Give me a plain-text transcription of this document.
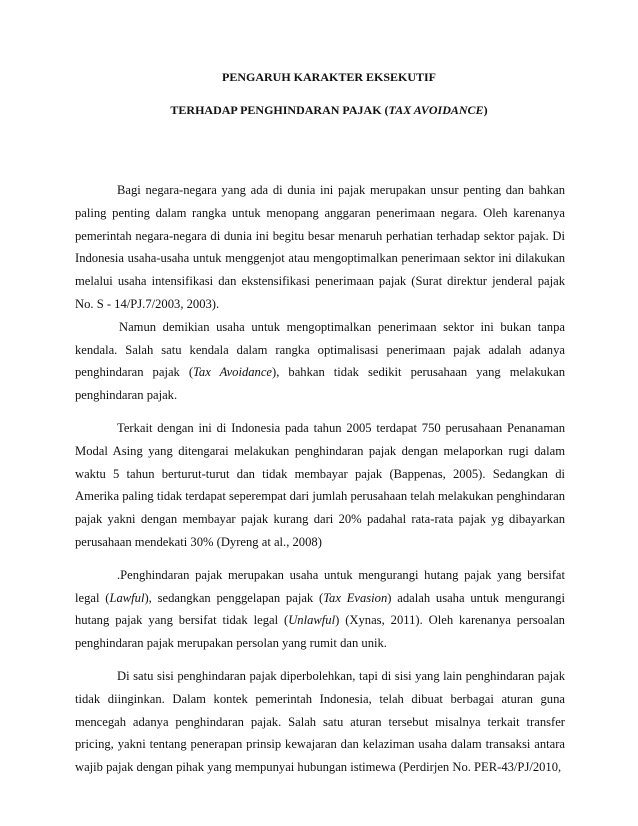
PENGARUH KARAKTER EKSEKUTIF
TERHADAP PENGHINDARAN PAJAK (TAX AVOIDANCE)

Bagi negara-negara yang ada di dunia ini pajak merupakan unsur penting dan bahkan paling penting dalam rangka untuk menopang anggaran penerimaan negara. Oleh karenanya pemerintah negara-negara di dunia ini begitu besar menaruh perhatian terhadap sektor pajak. Di Indonesia usaha-usaha untuk menggenjot atau mengoptimalkan penerimaan sektor ini dilakukan melalui usaha intensifikasi dan ekstensifikasi penerimaan pajak (Surat direktur jenderal pajak No. S - 14/PJ.7/2003, 2003).

Namun demikian usaha untuk mengoptimalkan penerimaan sektor ini bukan tanpa kendala. Salah satu kendala dalam rangka optimalisasi penerimaan pajak adalah adanya penghindaran pajak (Tax Avoidance), bahkan tidak sedikit perusahaan yang melakukan penghindaran pajak.

Terkait dengan ini di Indonesia pada tahun 2005 terdapat 750 perusahaan Penanaman Modal Asing yang ditengarai melakukan penghindaran pajak dengan melaporkan rugi dalam waktu 5 tahun berturut-turut dan tidak membayar pajak (Bappenas, 2005). Sedangkan di Amerika paling tidak terdapat seperempat dari jumlah perusahaan telah melakukan penghindaran pajak yakni dengan membayar pajak kurang dari 20% padahal rata-rata pajak yg dibayarkan perusahaan mendekati 30% (Dyreng at al., 2008)

.Penghindaran pajak merupakan usaha untuk mengurangi hutang pajak yang bersifat legal (Lawful), sedangkan penggelapan pajak (Tax Evasion) adalah usaha untuk mengurangi hutang pajak yang bersifat tidak legal (Unlawful) (Xynas, 2011). Oleh karenanya persoalan penghindaran pajak merupakan persolan yang rumit dan unik.

Di satu sisi penghindaran pajak diperbolehkan, tapi di sisi yang lain penghindaran pajak tidak diinginkan. Dalam kontek pemerintah Indonesia, telah dibuat berbagai aturan guna mencegah adanya penghindaran pajak. Salah satu aturan tersebut misalnya terkait transfer pricing, yakni tentang penerapan prinsip kewajaran dan kelaziman usaha dalam transaksi antara wajib pajak dengan pihak yang mempunyai hubungan istimewa (Perdirjen No. PER-43/PJ/2010,
